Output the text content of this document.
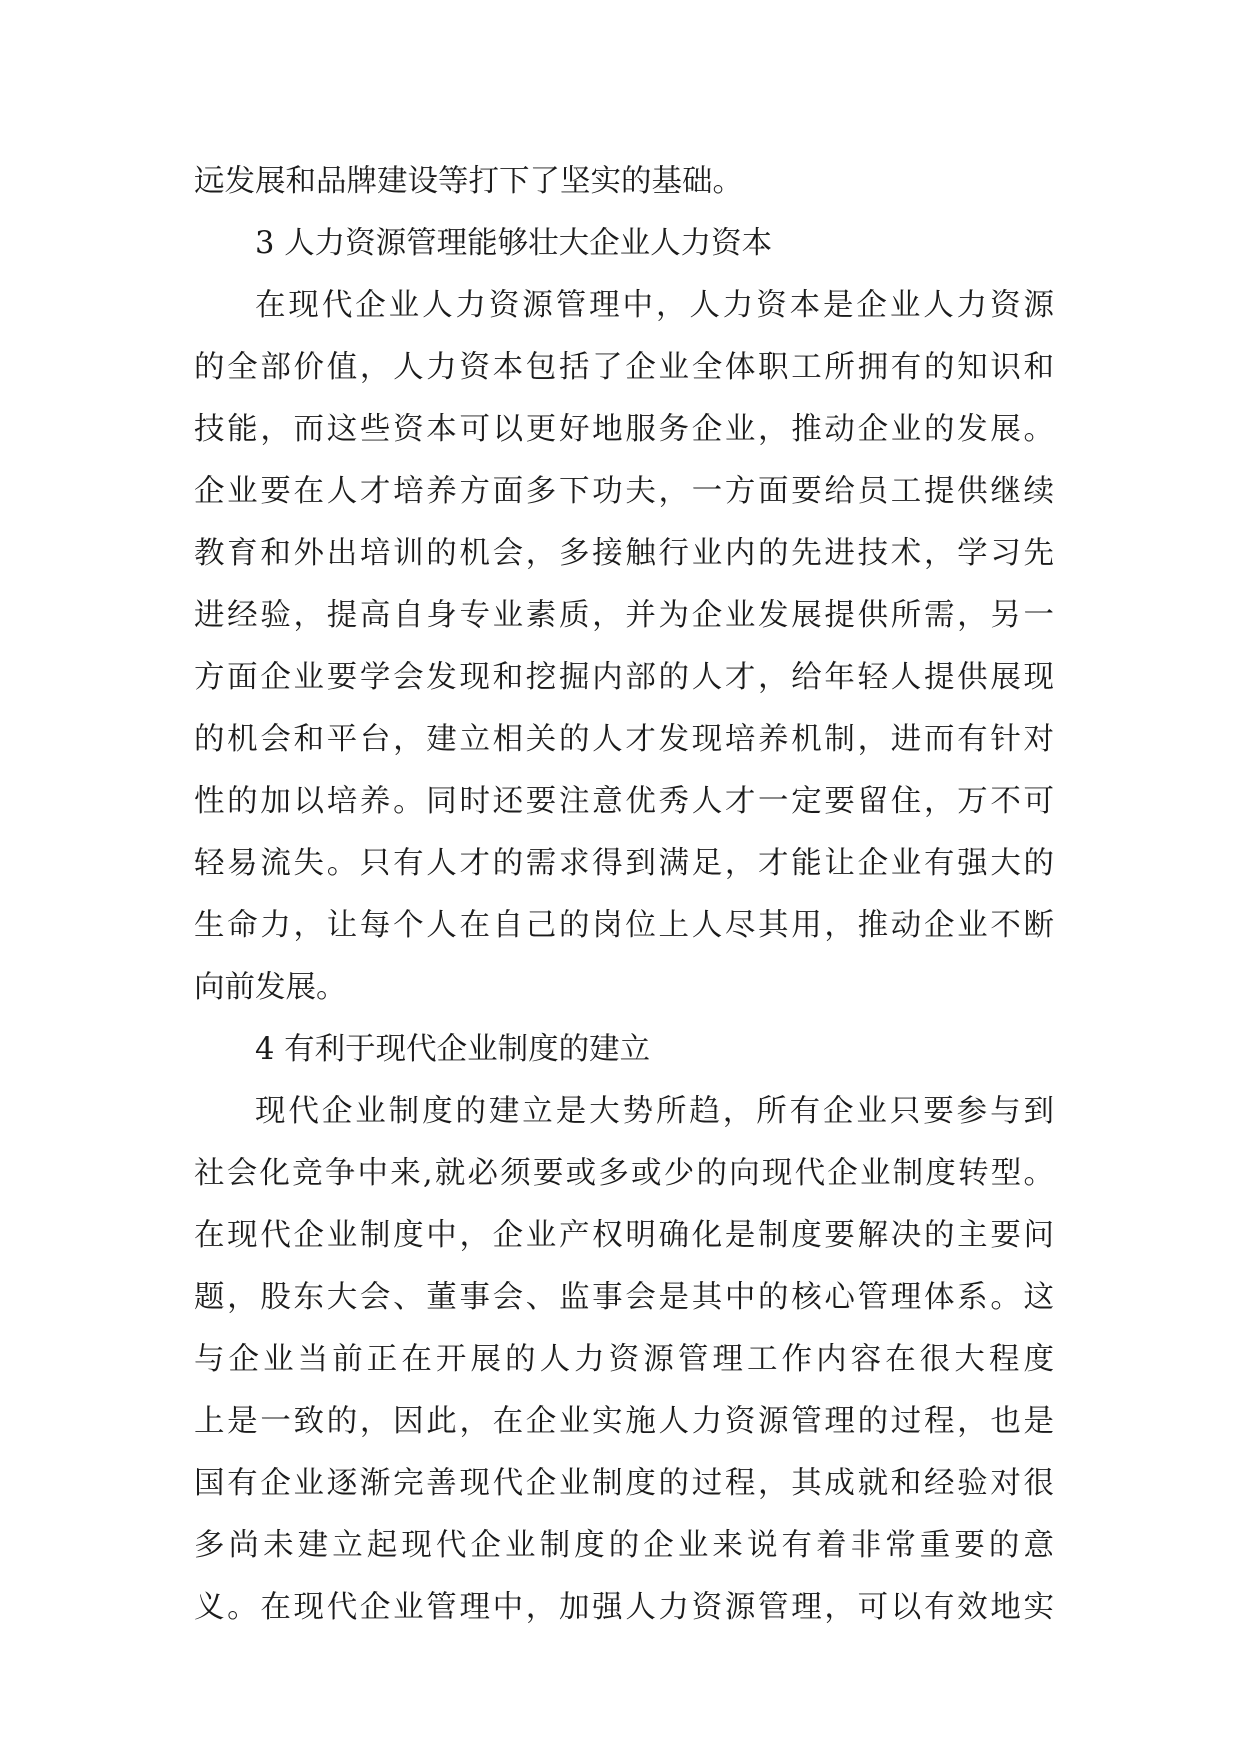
远发展和品牌建设等打下了坚实的基础。
3 人力资源管理能够壮大企业人力资本
在现代企业人力资源管理中，人力资本是企业人力资源
的全部价值，人力资本包括了企业全体职工所拥有的知识和
技能，而这些资本可以更好地服务企业，推动企业的发展。
企业要在人才培养方面多下功夫，一方面要给员工提供继续
教育和外出培训的机会，多接触行业内的先进技术，学习先
进经验，提高自身专业素质，并为企业发展提供所需，另一
方面企业要学会发现和挖掘内部的人才，给年轻人提供展现
的机会和平台，建立相关的人才发现培养机制，进而有针对
性的加以培养。同时还要注意优秀人才一定要留住，万不可
轻易流失。只有人才的需求得到满足，才能让企业有强大的
生命力，让每个人在自己的岗位上人尽其用，推动企业不断
向前发展。
4 有利于现代企业制度的建立
现代企业制度的建立是大势所趋，所有企业只要参与到
社会化竞争中来,就必须要或多或少的向现代企业制度转型。
在现代企业制度中，企业产权明确化是制度要解决的主要问
题，股东大会、董事会、监事会是其中的核心管理体系。这
与企业当前正在开展的人力资源管理工作内容在很大程度
上是一致的，因此，在企业实施人力资源管理的过程，也是
国有企业逐渐完善现代企业制度的过程，其成就和经验对很
多尚未建立起现代企业制度的企业来说有着非常重要的意
义。在现代企业管理中，加强人力资源管理，可以有效地实
